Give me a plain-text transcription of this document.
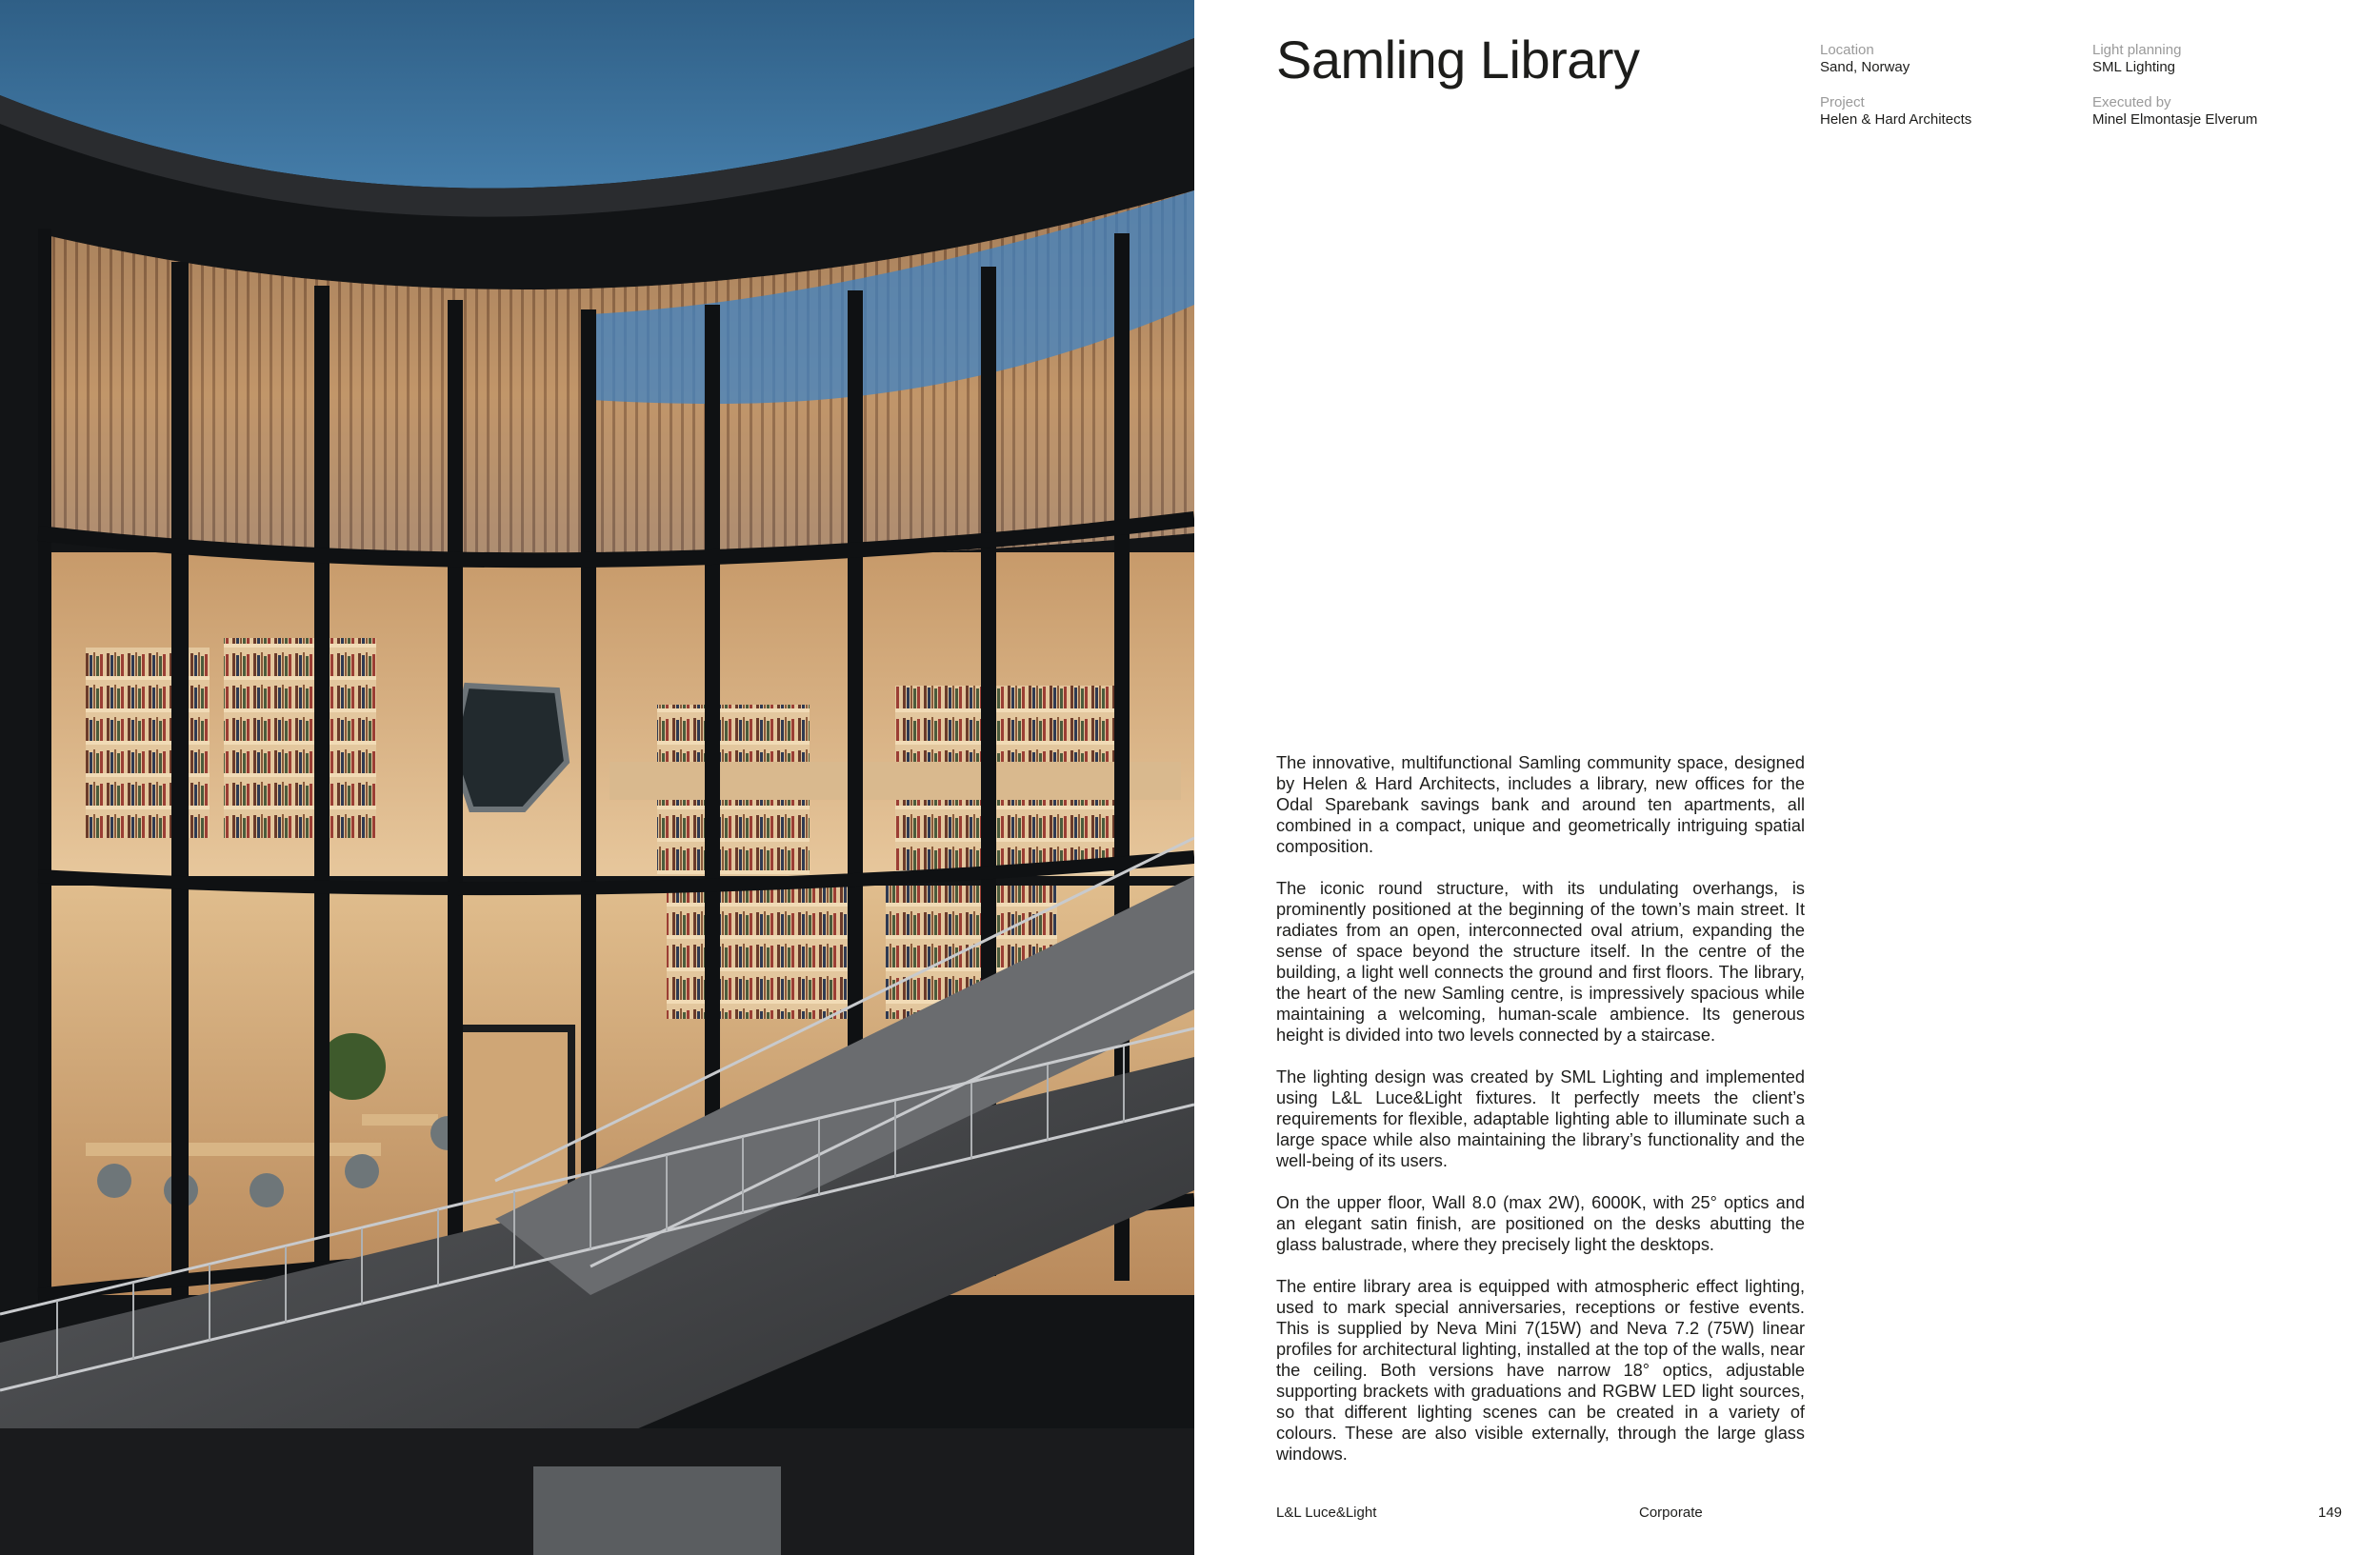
Samling Library	Location
Sand, Norway
Light planning
SML Lighting
Project
Helen & Hard Architects
Executed by
Minel Elmontasje Elverum

The innovative, multifunctional Samling community space, designed by Helen & Hard Architects, includes a library, new offices for the Odal Sparebank savings bank and around ten apartments, all combined in a compact, unique and geometrically intriguing spatial composition.

The iconic round structure, with its undulating overhangs, is prominently positioned at the beginning of the town’s main street. It radiates from an open, interconnected oval atrium, expanding the sense of space beyond the structure itself. In the centre of the building, a light well connects the ground and first floors. The library, the heart of the new Samling centre, is impressively spacious while maintaining a welcoming, human-scale ambience. Its generous height is divided into two levels connected by a staircase.

The lighting design was created by SML Lighting and implemented using L&L Luce&Light fixtures. It perfectly meets the client’s requirements for flexible, adaptable lighting able to illuminate such a large space while also maintaining the library’s functionality and the well-being of its users.

On the upper floor, Wall 8.0 (max 2W), 6000K, with 25° optics and an elegant satin finish, are positioned on the desks abutting the glass balustrade, where they precisely light the desktops.

The entire library area is equipped with atmospheric effect lighting, used to mark special anniversaries, receptions or festive events. This is supplied by Neva Mini 7(15W) and Neva 7.2 (75W) linear profiles for architectural lighting, installed at the top of the walls, near the ceiling. Both versions have narrow 18° optics, adjustable supporting brackets with graduations and RGBW LED light sources, so that different lighting scenes can be created in a variety of colours. These are also visible externally, through the large glass windows.

L&L Luce&Light	Corporate	149
